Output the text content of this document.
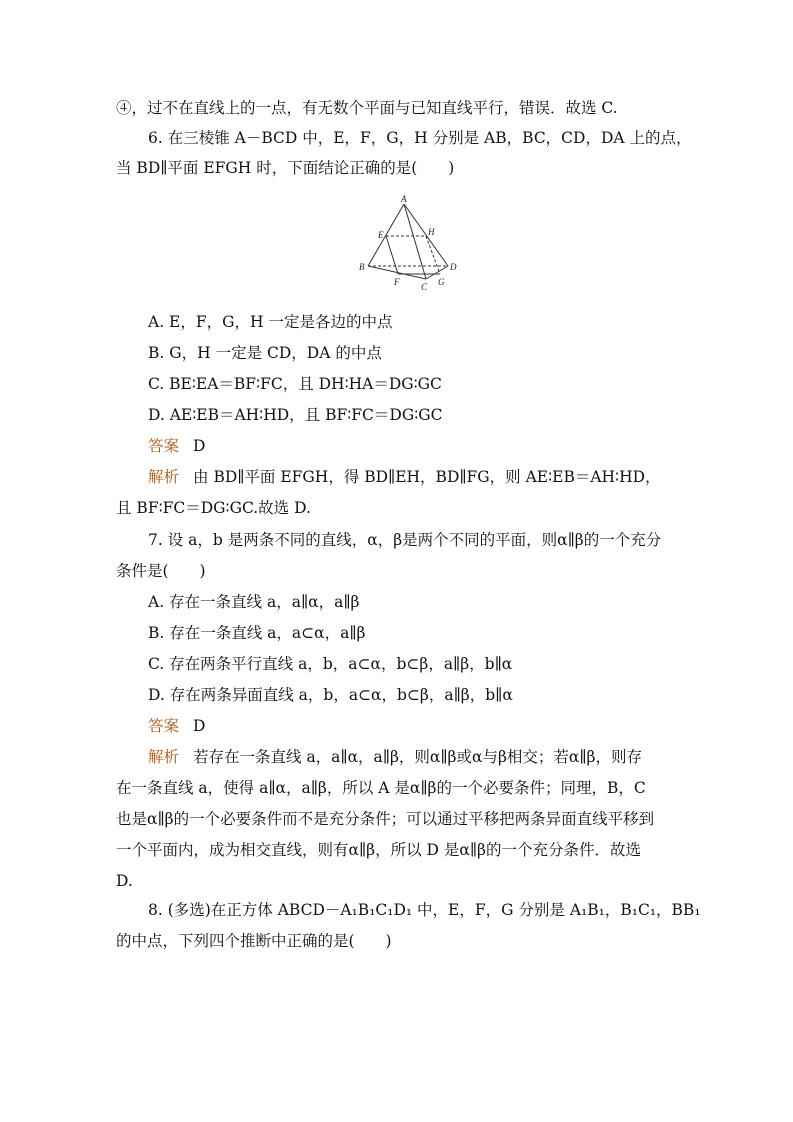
④，过不在直线上的一点，有无数个平面与已知直线平行，错误．故选 C.
6. 在三棱锥 A－BCD 中，E，F，G，H 分别是 AB，BC，CD，DA 上的点，
当 BD∥平面 EFGH 时，下面结论正确的是(　　)
A
E	H
B
F C G
D
A. E，F，G，H 一定是各边的中点
B. G，H 一定是 CD，DA 的中点
C. BE∶EA＝BF∶FC，且 DH∶HA＝DG∶GC
D. AE∶EB＝AH∶HD，且 BF∶FC＝DG∶GC
答案 D
解析 由 BD∥平面 EFGH，得 BD∥EH，BD∥FG，则 AE∶EB＝AH∶HD，
且 BF∶FC＝DG∶GC.故选 D.
7. 设 a，b 是两条不同的直线，α，β是两个不同的平面，则α∥β的一个充分
条件是(　　)
A. 存在一条直线 a，a∥α，a∥β
B. 存在一条直线 a，a⊂α，a∥β
C. 存在两条平行直线 a，b，a⊂α，b⊂β，a∥β，b∥α
D. 存在两条异面直线 a，b，a⊂α，b⊂β，a∥β，b∥α
答案 D
解析 若存在一条直线 a，a∥α，a∥β，则α∥β或α与β相交；若α∥β，则存
在一条直线 a，使得 a∥α，a∥β，所以 A 是α∥β的一个必要条件；同理，B，C
也是α∥β的一个必要条件而不是充分条件；可以通过平移把两条异面直线平移到
一个平面内，成为相交直线，则有α∥β，所以 D 是α∥β的一个充分条件．故选
D.
8. (多选)在正方体 ABCD－A₁B₁C₁D₁ 中，E，F，G 分别是 A₁B₁，B₁C₁，BB₁
的中点，下列四个推断中正确的是(　　)
